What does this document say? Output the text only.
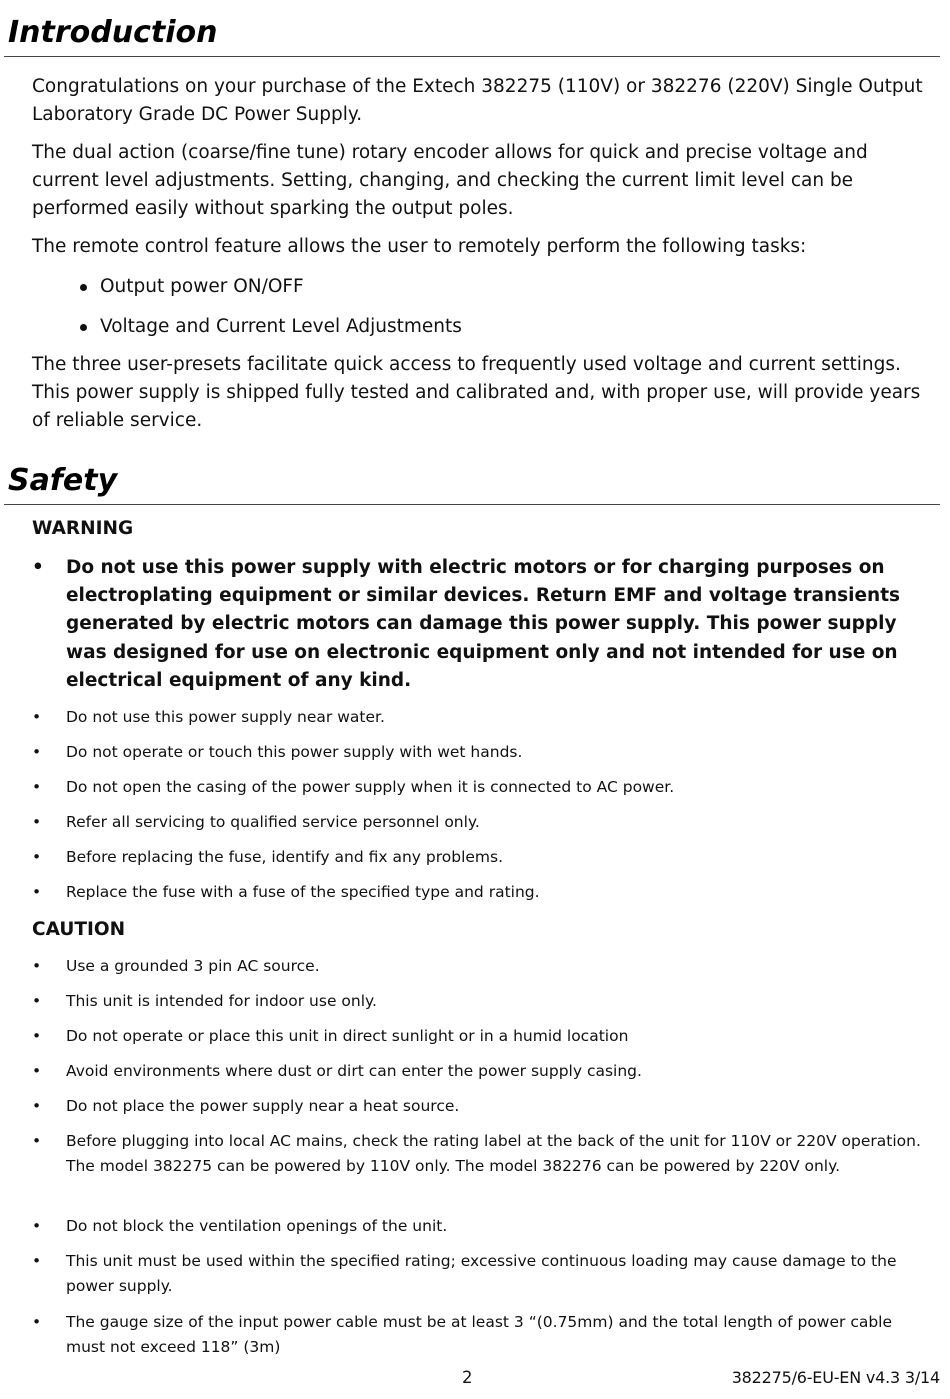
Introduction

Congratulations on your purchase of the Extech 382275 (110V) or 382276 (220V) Single Output Laboratory Grade DC Power Supply.

The dual action (coarse/fine tune) rotary encoder allows for quick and precise voltage and current level adjustments. Setting, changing, and checking the current limit level can be performed easily without sparking the output poles.

The remote control feature allows the user to remotely perform the following tasks:

Output power ON/OFF
Voltage and Current Level Adjustments

The three user-presets facilitate quick access to frequently used voltage and current settings. This power supply is shipped fully tested and calibrated and, with proper use, will provide years of reliable service.

Safety
WARNING
•	Do not use this power supply with electric motors or for charging purposes on electroplating equipment or similar devices. Return EMF and voltage transients generated by electric motors can damage this power supply. This power supply was designed for use on electronic equipment only and not intended for use on electrical equipment of any kind.
• Do not use this power supply near water.
• Do not operate or touch this power supply with wet hands.
• Do not open the casing of the power supply when it is connected to AC power.
• Refer all servicing to qualified service personnel only.
• Before replacing the fuse, identify and fix any problems.
• Replace the fuse with a fuse of the specified type and rating.
CAUTION
• Use a grounded 3 pin AC source.
• This unit is intended for indoor use only.
• Do not operate or place this unit in direct sunlight or in a humid location
• Avoid environments where dust or dirt can enter the power supply casing.
• Do not place the power supply near a heat source.
• Before plugging into local AC mains, check the rating label at the back of the unit for 110V or 220V operation. The model 382275 can be powered by 110V only. The model 382276 can be powered by 220V only.
• Do not block the ventilation openings of the unit.
• This unit must be used within the specified rating; excessive continuous loading may cause damage to the power supply.
• The gauge size of the input power cable must be at least 3 “(0.75mm) and the total length of power cable must not exceed 118” (3m)
2	382275/6-EU-EN v4.3 3/14
